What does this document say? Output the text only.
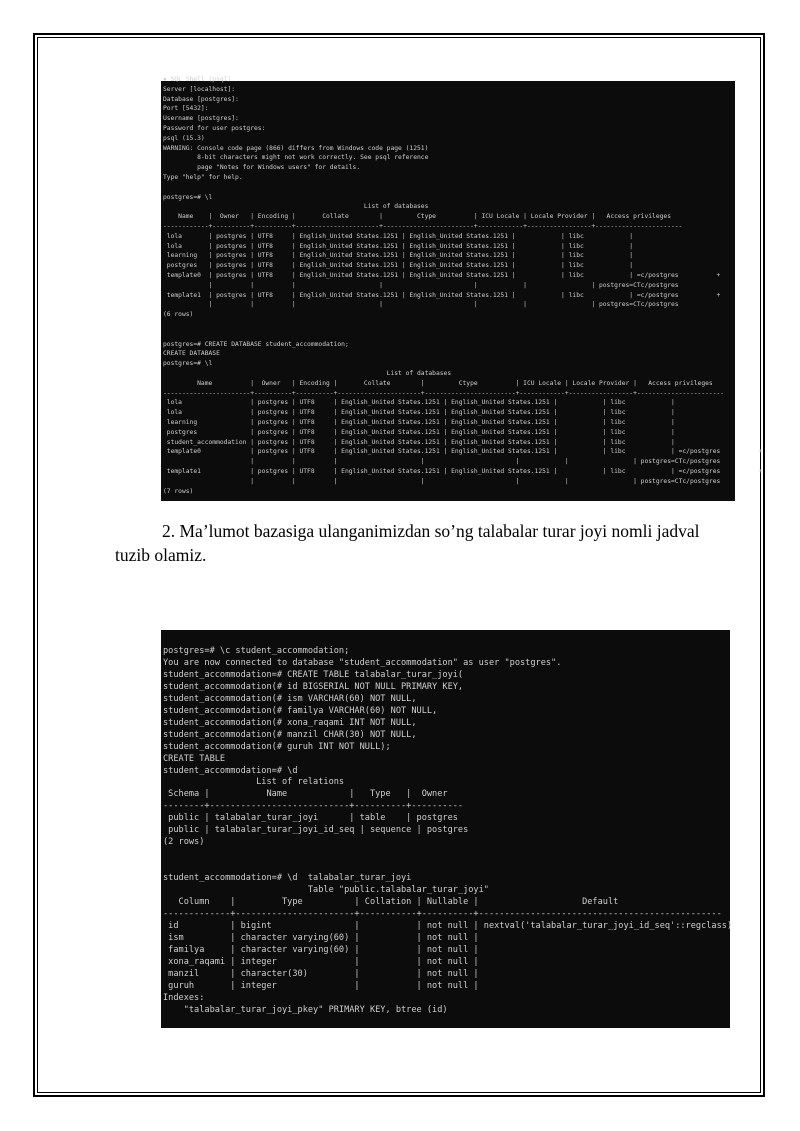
▪ SQL Shell (psql)
Server [localhost]:
Database [postgres]:
Port [5432]:
Username [postgres]:
Password for user postgres:
psql (15.3)
WARNING: Console code page (866) differs from Windows code page (1251)
8-bit characters might not work correctly. See psql reference
page "Notes for Windows users" for details.
Type "help" for help.
postgres=# \l
List of databases
Name    |  Owner   | Encoding |       Collate        |         Ctype          | ICU Locale | Locale Provider |   Access privileges
------------+----------+----------+----------------------+------------------------+------------+-----------------+-----------------------
lola       | postgres | UTF8     | English_United States.1251 | English_United States.1251 |            | libc            |
lola       | postgres | UTF8     | English_United States.1251 | English_United States.1251 |            | libc            |
learning   | postgres | UTF8     | English_United States.1251 | English_United States.1251 |            | libc            |
postgres   | postgres | UTF8     | English_United States.1251 | English_United States.1251 |            | libc            |
template0  | postgres | UTF8     | English_United States.1251 | English_United States.1251 |            | libc            | =c/postgres          +
|          |          |                      |                        |            |                 | postgres=CTc/postgres
template1  | postgres | UTF8     | English_United States.1251 | English_United States.1251 |            | libc            | =c/postgres          +
|          |          |                      |                        |            |                 | postgres=CTc/postgres
(6 rows)
postgres=# CREATE DATABASE student_accommodation;
CREATE DATABASE
postgres=# \l
List of databases
Name          |  Owner   | Encoding |       Collate        |         Ctype          | ICU Locale | Locale Provider |   Access privileges
-----------------------+----------+----------+----------------------+------------------------+------------+-----------------+-----------------------
lola                  | postgres | UTF8     | English_United States.1251 | English_United States.1251 |            | libc            |
lola                  | postgres | UTF8     | English_United States.1251 | English_United States.1251 |            | libc            |
learning              | postgres | UTF8     | English_United States.1251 | English_United States.1251 |            | libc            |
postgres              | postgres | UTF8     | English_United States.1251 | English_United States.1251 |            | libc            |
student_accommodation | postgres | UTF8     | English_United States.1251 | English_United States.1251 |            | libc            |
template0             | postgres | UTF8     | English_United States.1251 | English_United States.1251 |            | libc            | =c/postgres          +
|          |          |                      |                        |            |                 | postgres=CTc/postgres
template1             | postgres | UTF8     | English_United States.1251 | English_United States.1251 |            | libc            | =c/postgres          +
|          |          |                      |                        |            |                 | postgres=CTc/postgres
(7 rows)
2. Ma’lumot bazasiga ulanganimizdan so’ng talabalar turar joyi nomli jadval
tuzib olamiz.
postgres=# \c student_accommodation;
You are now connected to database "student_accommodation" as user "postgres".
student_accommodation=# CREATE TABLE talabalar_turar_joyi(
student_accommodation(# id BIGSERIAL NOT NULL PRIMARY KEY,
student_accommodation(# ism VARCHAR(60) NOT NULL,
student_accommodation(# familya VARCHAR(60) NOT NULL,
student_accommodation(# xona_raqami INT NOT NULL,
student_accommodation(# manzil CHAR(30) NOT NULL,
student_accommodation(# guruh INT NOT NULL);
CREATE TABLE
student_accommodation=# \d
List of relations
Schema |           Name            |   Type   |  Owner
--------+---------------------------+----------+----------
public | talabalar_turar_joyi      | table    | postgres
public | talabalar_turar_joyi_id_seq | sequence | postgres
(2 rows)
student_accommodation=# \d  talabalar_turar_joyi
Table "public.talabalar_turar_joyi"
Column    |         Type          | Collation | Nullable |                    Default
-------------+-----------------------+-----------+----------+-----------------------------------------------
id          | bigint                |           | not null | nextval('talabalar_turar_joyi_id_seq'::regclass)
ism         | character varying(60) |           | not null |
familya     | character varying(60) |           | not null |
xona_raqami | integer               |           | not null |
manzil      | character(30)         |           | not null |
guruh       | integer               |           | not null |
Indexes:
"talabalar_turar_joyi_pkey" PRIMARY KEY, btree (id)
